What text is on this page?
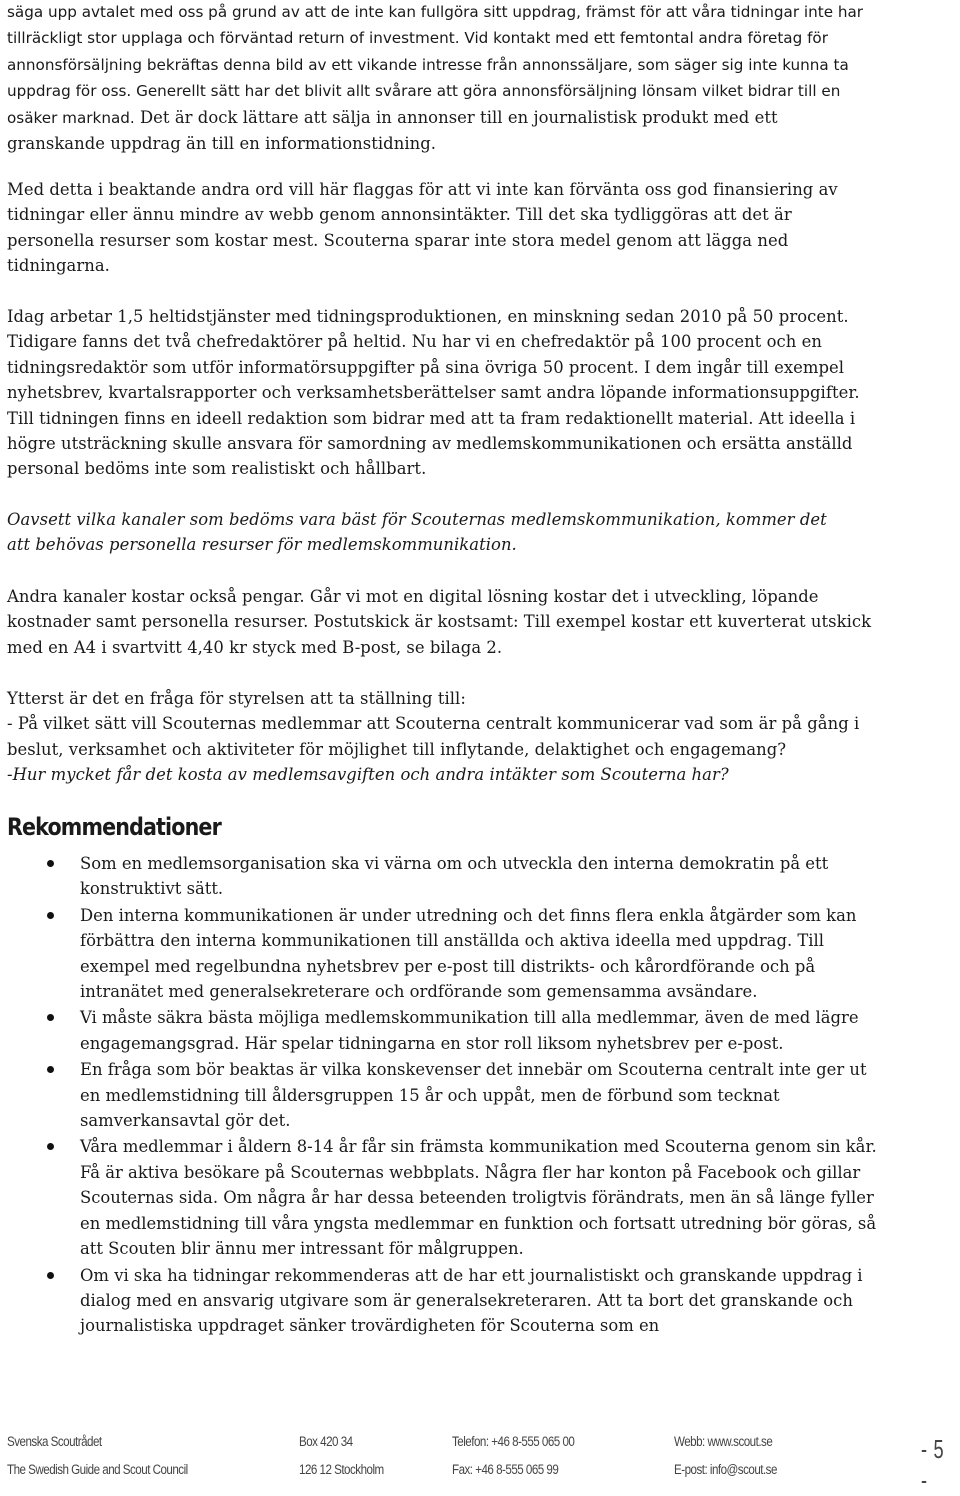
säga upp avtalet med oss på grund av att de inte kan fullgöra sitt uppdrag, främst för att våra tidningar inte har tillräckligt stor upplaga och förväntad return of investment. Vid kontakt med ett femtontal andra företag för annonsförsäljning bekräftas denna bild av ett vikande intresse från annonssäljare, som säger sig inte kunna ta uppdrag för oss. Generellt sätt har det blivit allt svårare att göra annonsförsäljning lönsam vilket bidrar till en osäker marknad. Det är dock lättare att sälja in annonser till en journalistisk produkt med ett granskande uppdrag än till en informationstidning.

Med detta i beaktande andra ord vill här flaggas för att vi inte kan förvänta oss god finansiering av tidningar eller ännu mindre av webb genom annonsintäkter. Till det ska tydliggöras att det är personella resurser som kostar mest. Scouterna sparar inte stora medel genom att lägga ned tidningarna.

Idag arbetar 1,5 heltidstjänster med tidningsproduktionen, en minskning sedan 2010 på 50 procent. Tidigare fanns det två chefredaktörer på heltid. Nu har vi en chefredaktör på 100 procent och en tidningsredaktör som utför informatörsuppgifter på sina övriga 50 procent. I dem ingår till exempel nyhetsbrev, kvartalsrapporter och verksamhetsberättelser samt andra löpande informationsuppgifter. Till tidningen finns en ideell redaktion som bidrar med att ta fram redaktionellt material. Att ideella i högre utsträckning skulle ansvara för samordning av medlemskommunikationen och ersätta anställd personal bedöms inte som realistiskt och hållbart.

Oavsett vilka kanaler som bedöms vara bäst för Scouternas medlemskommunikation, kommer det att behövas personella resurser för medlemskommunikation.

Andra kanaler kostar också pengar. Går vi mot en digital lösning kostar det i utveckling, löpande kostnader samt personella resurser. Postutskick är kostsamt: Till exempel kostar ett kuverterat utskick med en A4 i svartvitt 4,40 kr styck med B-post, se bilaga 2.

Ytterst är det en fråga för styrelsen att ta ställning till:

- På vilket sätt vill Scouternas medlemmar att Scouterna centralt kommunicerar vad som är på gång i beslut, verksamhet och aktiviteter för möjlighet till inflytande, delaktighet och engagemang?

-Hur mycket får det kosta av medlemsavgiften och andra intäkter som Scouterna har?

Rekommendationer
Som en medlemsorganisation ska vi värna om och utveckla den interna demokratin på ett konstruktivt sätt.
Den interna kommunikationen är under utredning och det finns flera enkla åtgärder som kan förbättra den interna kommunikationen till anställda och aktiva ideella med uppdrag. Till exempel med regelbundna nyhetsbrev per e-post till distrikts- och kårordförande och på intranätet med generalsekreterare och ordförande som gemensamma avsändare.
Vi måste säkra bästa möjliga medlemskommunikation till alla medlemmar, även de med lägre engagemangsgrad. Här spelar tidningarna en stor roll liksom nyhetsbrev per e-post.
En fråga som bör beaktas är vilka konskevenser det innebär om Scouterna centralt inte ger ut en medlemstidning till åldersgruppen 15 år och uppåt, men de förbund som tecknat samverkansavtal gör det.
Våra medlemmar i åldern 8-14 år får sin främsta kommunikation med Scouterna genom sin kår. Få är aktiva besökare på Scouternas webbplats. Några fler har konton på Facebook och gillar Scouternas sida. Om några år har dessa beteenden troligtvis förändrats, men än så länge fyller en medlemstidning till våra yngsta medlemmar en funktion och fortsatt utredning bör göras, så att Scouten blir ännu mer intressant för målgruppen.
Om vi ska ha tidningar rekommenderas att de har ett journalistiskt och granskande uppdrag i dialog med en ansvarig utgivare som är generalsekreteraren. Att ta bort det granskande och journalistiska uppdraget sänker trovärdigheten för Scouterna som en
Svenska Scoutrådet
The Swedish Guide and Scout Council
Box 420 34
126 12 Stockholm
Telefon: +46 8-555 065 00
Fax: +46 8-555 065 99
Webb: www.scout.se
E-post: info@scout.se
- 5 -
